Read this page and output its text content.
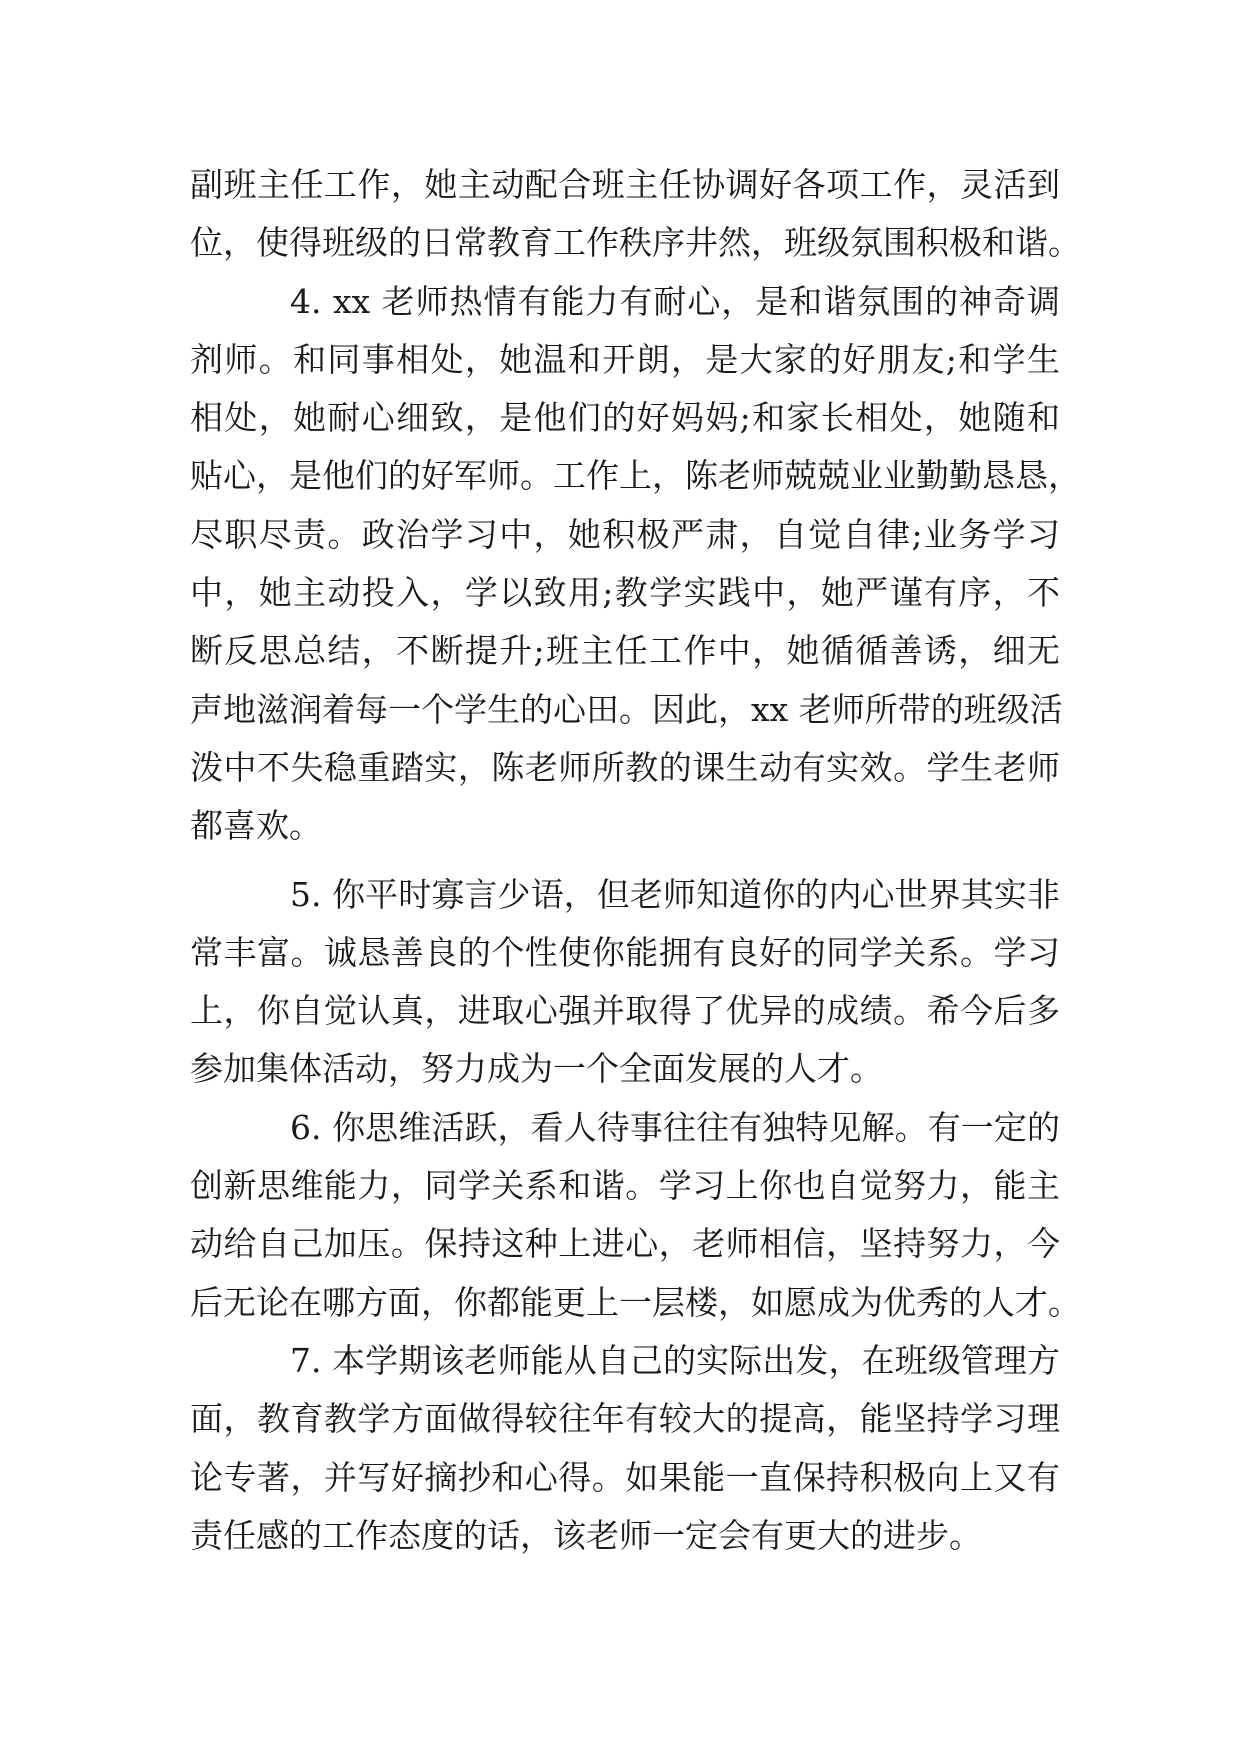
副班主任工作，她主动配合班主任协调好各项工作，灵活到
位，使得班级的日常教育工作秩序井然，班级氛围积极和谐。
4. xx 老师热情有能力有耐心，是和谐氛围的神奇调
剂师。和同事相处，她温和开朗，是大家的好朋友;和学生
相处，她耐心细致，是他们的好妈妈;和家长相处，她随和
贴心，是他们的好军师。工作上，陈老师兢兢业业勤勤恳恳，
尽职尽责。政治学习中，她积极严肃，自觉自律;业务学习
中，她主动投入，学以致用;教学实践中，她严谨有序，不
断反思总结，不断提升;班主任工作中，她循循善诱，细无
声地滋润着每一个学生的心田。因此，xx 老师所带的班级活
泼中不失稳重踏实，陈老师所教的课生动有实效。学生老师
都喜欢。
5. 你平时寡言少语，但老师知道你的内心世界其实非
常丰富。诚恳善良的个性使你能拥有良好的同学关系。学习
上，你自觉认真，进取心强并取得了优异的成绩。希今后多
参加集体活动，努力成为一个全面发展的人才。
6. 你思维活跃，看人待事往往有独特见解。有一定的
创新思维能力，同学关系和谐。学习上你也自觉努力，能主
动给自己加压。保持这种上进心，老师相信，坚持努力，今
后无论在哪方面，你都能更上一层楼，如愿成为优秀的人才。
7. 本学期该老师能从自己的实际出发，在班级管理方
面，教育教学方面做得较往年有较大的提高，能坚持学习理
论专著，并写好摘抄和心得。如果能一直保持积极向上又有
责任感的工作态度的话，该老师一定会有更大的进步。
